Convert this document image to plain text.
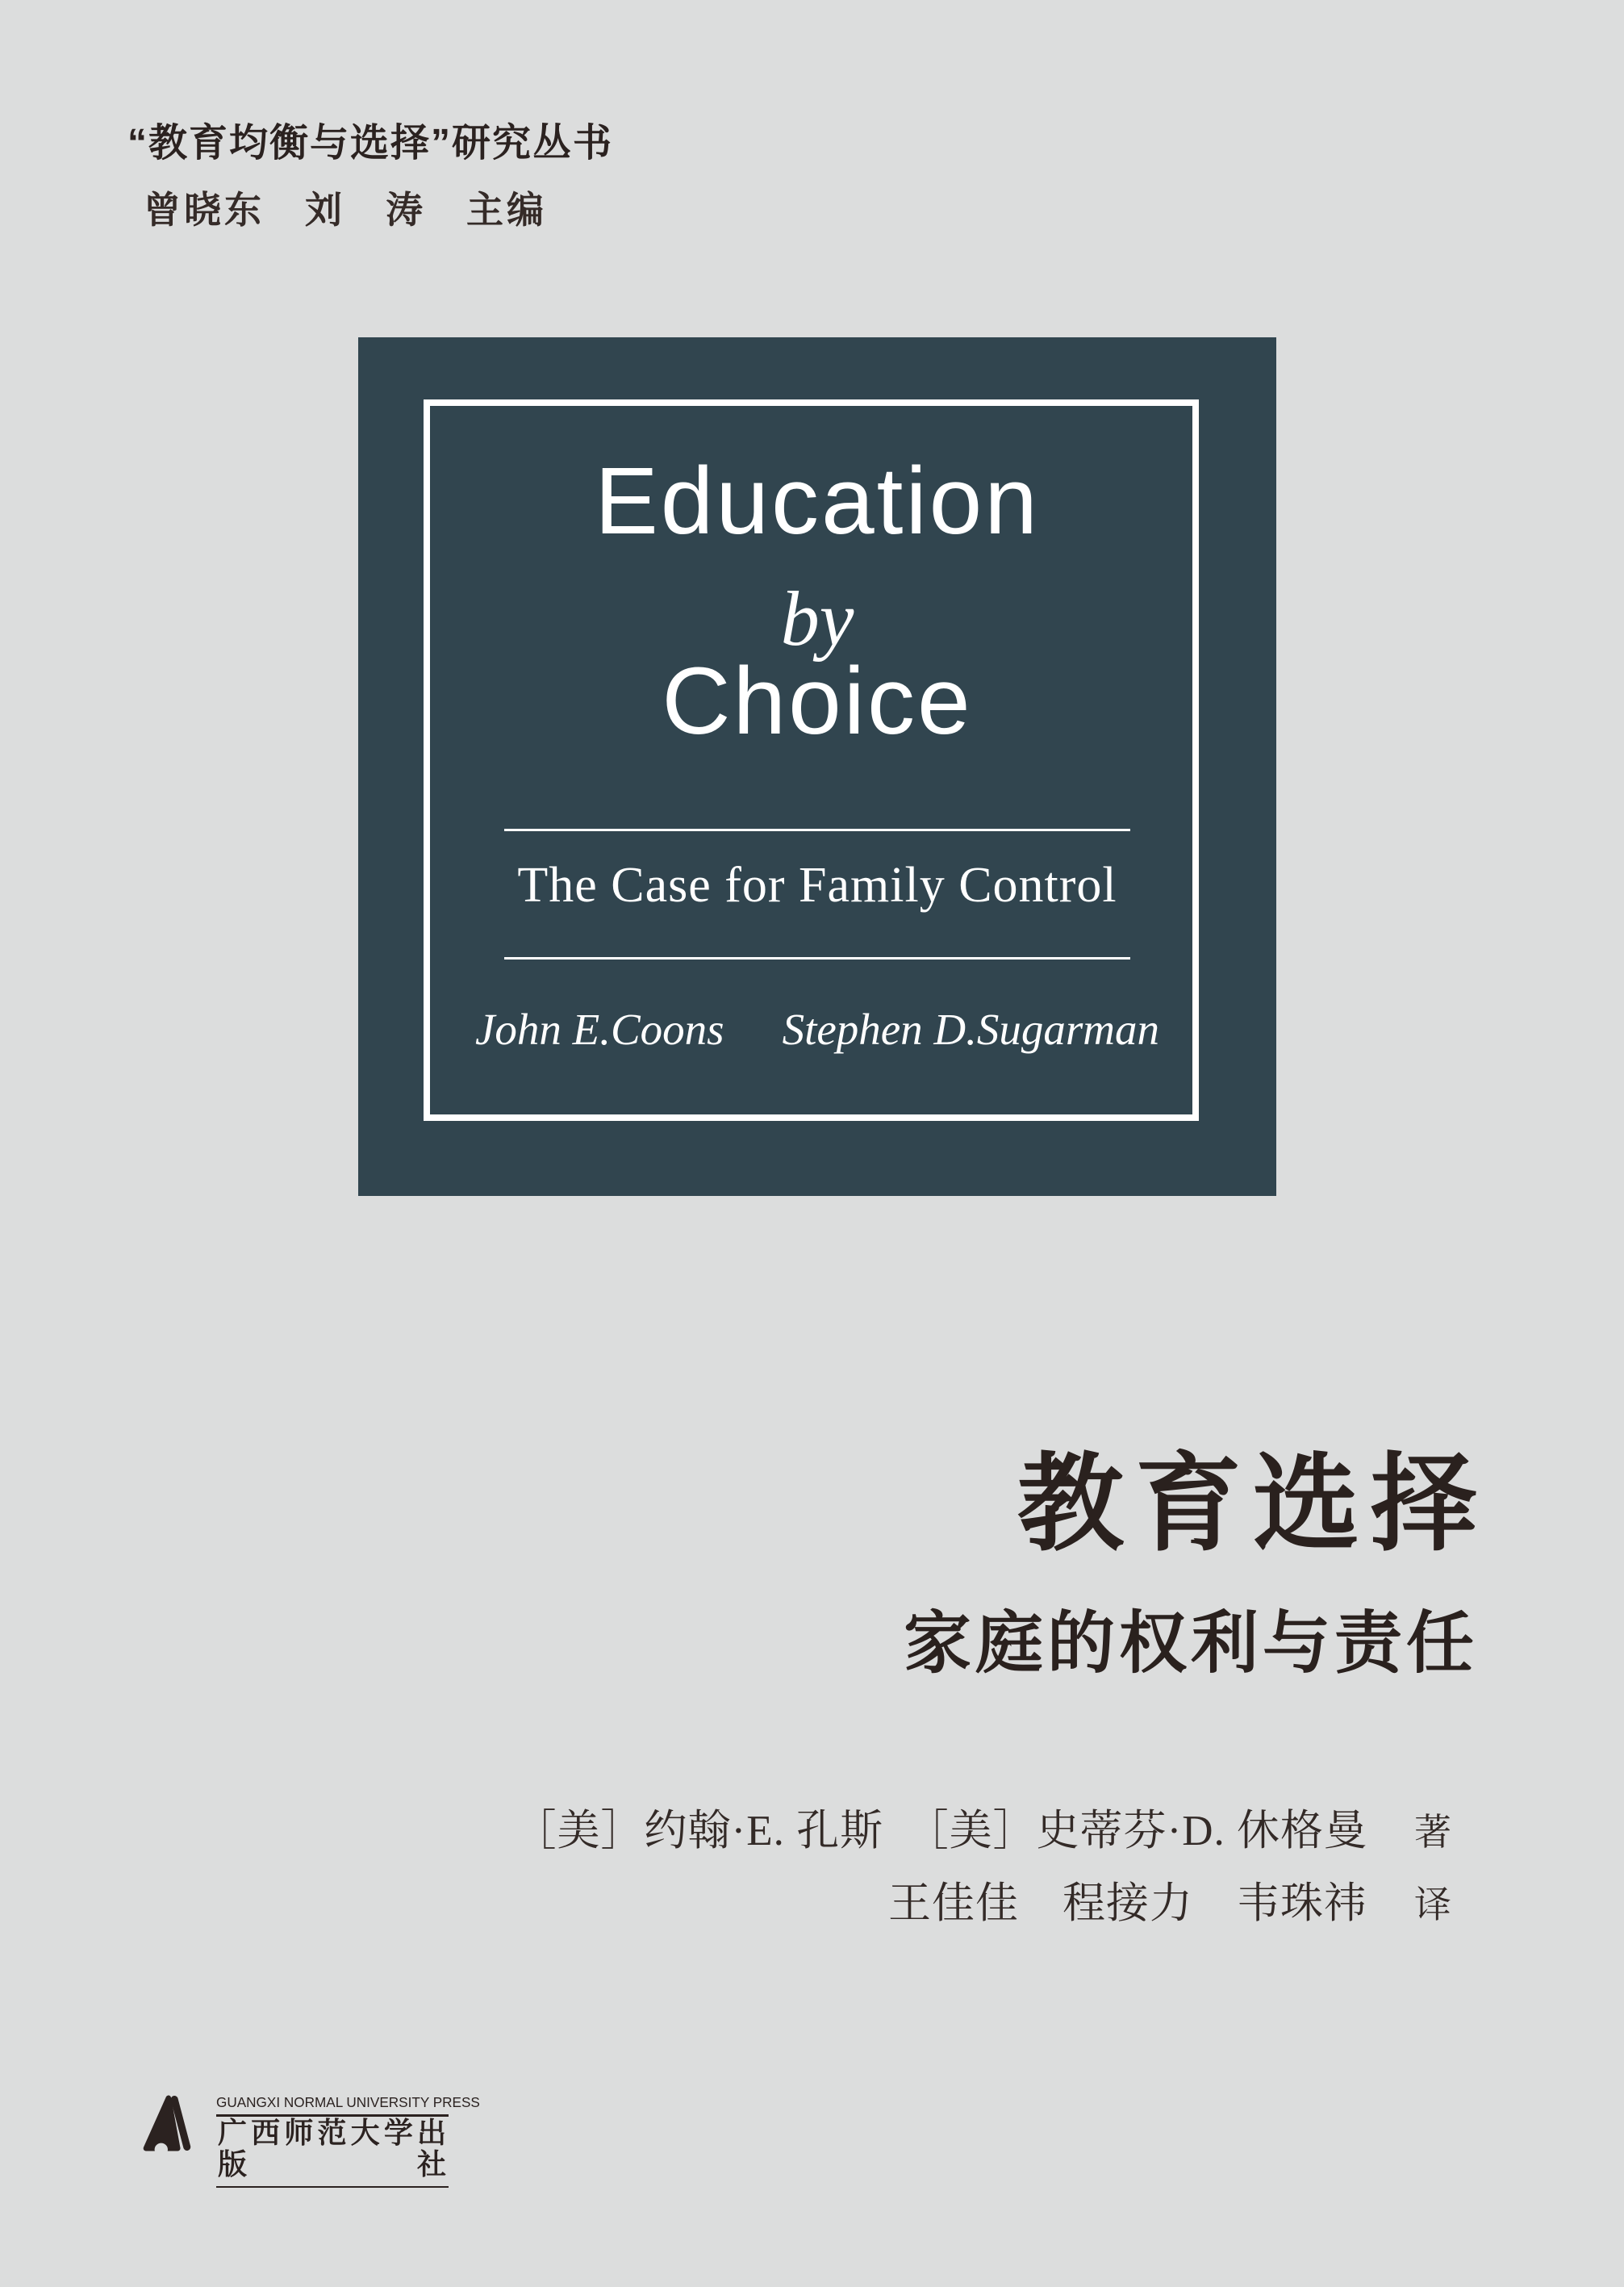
“教育均衡与选择”研究丛书
曾晓东　刘　涛　主编
Education
by
Choice
The Case for Family Control
John E.Coons Stephen D.Sugarman
教育选择
家庭的权利与责任
［美］约翰·E. 孔斯　［美］史蒂芬·D. 休格曼 著
王佳佳　程接力　韦珠祎 译
GUANGXI NORMAL UNIVERSITY PRESS
广西师范大学出版社
